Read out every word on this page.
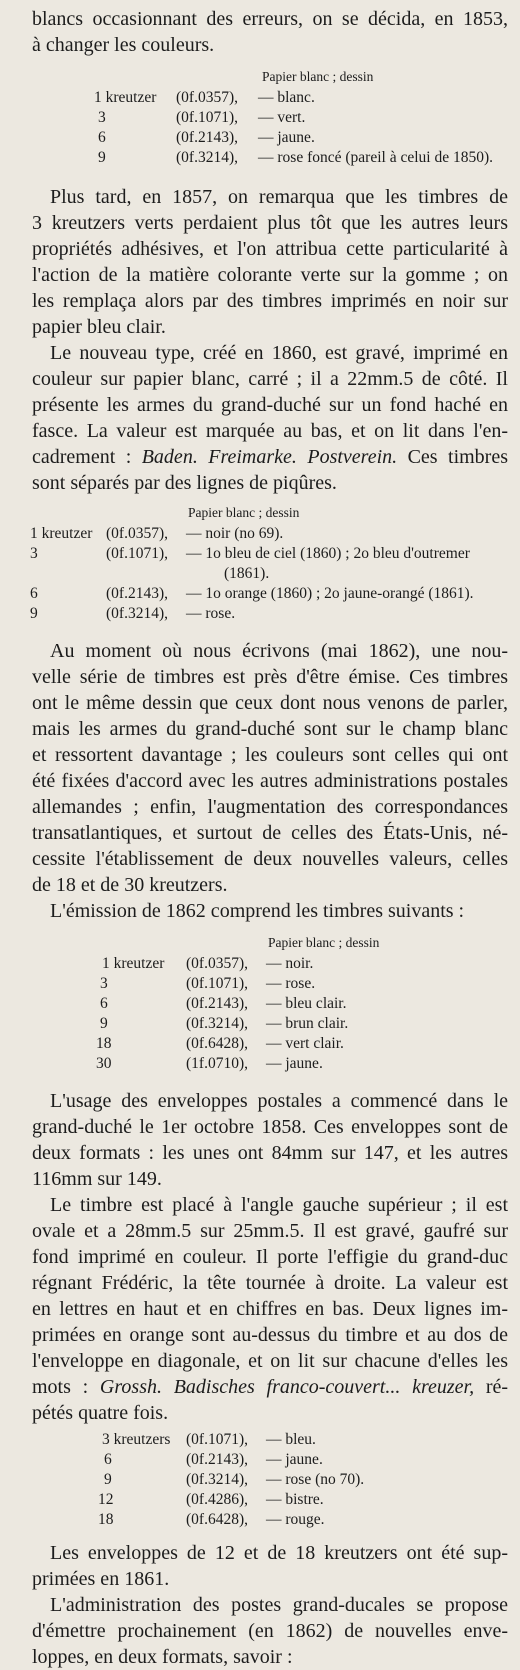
blancs occasionnant des erreurs, on se décida, en 1853,
à changer les couleurs.
Papier blanc ; dessin
1 kreutzer (0f.0357), — blanc.
3	(0f.1071), — vert.
6	(0f.2143), — jaune.
9	(0f.3214), — rose foncé (pareil à celui de 1850).
Plus tard, en 1857, on remarqua que les timbres de
3 kreutzers verts perdaient plus tôt que les autres leurs
propriétés adhésives, et l'on attribua cette particularité à
l'action de la matière colorante verte sur la gomme ; on
les remplaça alors par des timbres imprimés en noir sur
papier bleu clair.
Le nouveau type, créé en 1860, est gravé, imprimé en
couleur sur papier blanc, carré ; il a 22mm.5 de côté. Il
présente les armes du grand-duché sur un fond haché en
fasce. La valeur est marquée au bas, et on lit dans l'en-
cadrement : Baden. Freimarke. Postverein. Ces timbres
sont séparés par des lignes de piqûres.
Papier blanc ; dessin
1 kreutzer (0f.0357), — noir (no 69).
3	(0f.1071), — 1o bleu de ciel (1860) ; 2o bleu d'outremer
(1861).
6	(0f.2143), — 1o orange (1860) ; 2o jaune-orangé (1861).
9	(0f.3214), — rose.
Au moment où nous écrivons (mai 1862), une nou-
velle série de timbres est près d'être émise. Ces timbres
ont le même dessin que ceux dont nous venons de parler,
mais les armes du grand-duché sont sur le champ blanc
et ressortent davantage ; les couleurs sont celles qui ont
été fixées d'accord avec les autres administrations postales
allemandes ; enfin, l'augmentation des correspondances
transatlantiques, et surtout de celles des États-Unis, né-
cessite l'établissement de deux nouvelles valeurs, celles
de 18 et de 30 kreutzers.
L'émission de 1862 comprend les timbres suivants :
Papier blanc ; dessin
1 kreutzer (0f.0357), — noir.
3	(0f.1071), — rose.
6	(0f.2143), — bleu clair.
9	(0f.3214), — brun clair.
18	(0f.6428), — vert clair.
30	(1f.0710), — jaune.
L'usage des enveloppes postales a commencé dans le
grand-duché le 1er octobre 1858. Ces enveloppes sont de
deux formats : les unes ont 84mm sur 147, et les autres
116mm sur 149.
Le timbre est placé à l'angle gauche supérieur ; il est
ovale et a 28mm.5 sur 25mm.5. Il est gravé, gaufré sur
fond imprimé en couleur. Il porte l'effigie du grand-duc
régnant Frédéric, la tête tournée à droite. La valeur est
en lettres en haut et en chiffres en bas. Deux lignes im-
primées en orange sont au-dessus du timbre et au dos de
l'enveloppe en diagonale, et on lit sur chacune d'elles les
mots : Grossh. Badisches franco-couvert... kreuzer, ré-
pétés quatre fois.
3 kreutzers (0f.1071), — bleu.
6	(0f.2143), — jaune.
9	(0f.3214), — rose (no 70).
12	(0f.4286), — bistre.
18	(0f.6428), — rouge.
Les enveloppes de 12 et de 18 kreutzers ont été sup-
primées en 1861.
L'administration des postes grand-ducales se propose
d'émettre prochainement (en 1862) de nouvelles enve-
loppes, en deux formats, savoir :
